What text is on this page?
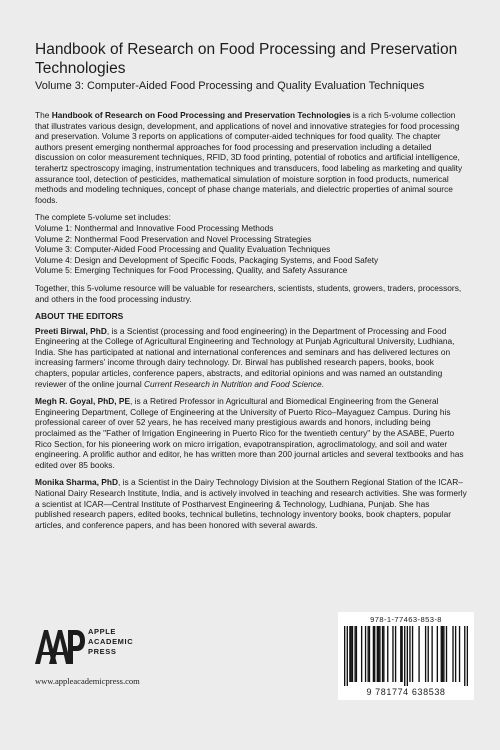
Handbook of Research on Food Processing and Preservation Technologies
Volume 3: Computer-Aided Food Processing and Quality Evaluation Techniques

The Handbook of Research on Food Processing and Preservation Technologies is a rich 5-volume collection that illustrates various design, development, and applications of novel and innovative strategies for food processing and preservation. Volume 3 reports on applications of computer-aided techniques for food quality. The chapter authors present emerging nonthermal approaches for food processing and preservation including a detailed discussion on color measurement techniques, RFID, 3D food printing, potential of robotics and artificial intelligence, terahertz spectroscopy imaging, instrumentation techniques and transducers, food labeling as marketing and quality assurance tool, detection of pesticides, mathematical simulation of moisture sorption in food products, numerical methods and modeling techniques, concept of phase change materials, and dielectric properties of animal source foods.

The complete 5-volume set includes:
Volume 1: Nonthermal and Innovative Food Processing Methods
Volume 2: Nonthermal Food Preservation and Novel Processing Strategies
Volume 3: Computer-Aided Food Processing and Quality Evaluation Techniques
Volume 4: Design and Development of Specific Foods, Packaging Systems, and Food Safety
Volume 5: Emerging Techniques for Food Processing, Quality, and Safety Assurance

Together, this 5-volume resource will be valuable for researchers, scientists, students, growers, traders, processors, and others in the food processing industry.

ABOUT THE EDITORS

Preeti Birwal, PhD, is a Scientist (processing and food engineering) in the Department of Processing and Food Engineering at the College of Agricultural Engineering and Technology at Punjab Agricultural University, Ludhiana, India. She has participated at national and international conferences and seminars and has delivered lectures on increasing farmers' income through dairy technology. Dr. Birwal has published research papers, books, book chapters, popular articles, conference papers, abstracts, and editorial opinions and was named an outstanding reviewer of the online journal Current Research in Nutrition and Food Science.

Megh R. Goyal, PhD, PE, is a Retired Professor in Agricultural and Biomedical Engineering from the General Engineering Department, College of Engineering at the University of Puerto Rico–Mayaguez Campus. During his professional career of over 52 years, he has received many prestigious awards and honors, including being proclaimed as the "Father of Irrigation Engineering in Puerto Rico for the twentieth century" by the ASABE, Puerto Rico Section, for his pioneering work on micro irrigation, evapotranspiration, agroclimatology, and soil and water engineering. A prolific author and editor, he has written more than 200 journal articles and several textbooks and has edited over 85 books.

Monika Sharma, PhD, is a Scientist in the Dairy Technology Division at the Southern Regional Station of the ICAR–National Dairy Research Institute, India, and is actively involved in teaching and research activities. She was formerly a scientist at ICAR—Central Institute of Postharvest Engineering & Technology, Ludhiana, Punjab. She has published research papers, edited books, technical bulletins, technology inventory books, book chapters, popular articles, and conference papers, and has been honored with several awards.

APPLE
ACADEMIC
PRESS
www.appleacademicpress.com
978-1-77463-853-8
9 781774 638538
